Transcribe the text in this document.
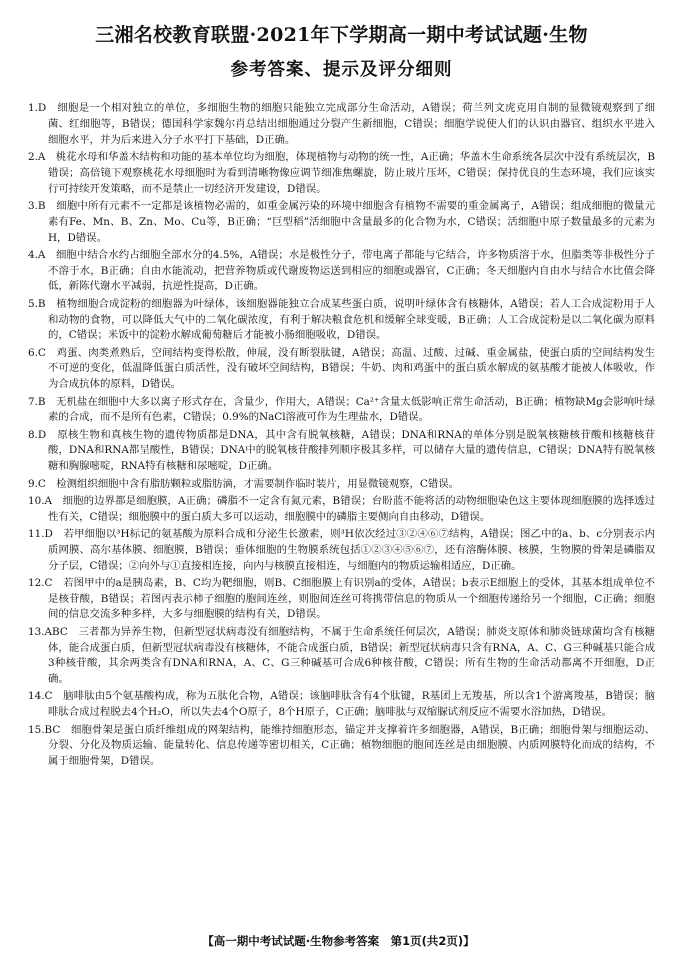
三湘名校教育联盟·2021年下学期高一期中考试试题·生物
参考答案、提示及评分细则

1.D　细胞是一个相对独立的单位，多细胞生物的细胞只能独立完成部分生命活动，A错误；荷兰列文虎克用自制的显微镜观察到了细菌、红细胞等，B错误；德国科学家魏尔肖总结出细胞通过分裂产生新细胞，C错误；细胞学说使人们的认识由器官、组织水平进入细胞水平，并为后来进入分子水平打下基础，D正确。

2.A　桃花水母和华盖木结构和功能的基本单位均为细胞，体现植物与动物的统一性，A正确；华盖木生命系统各层次中没有系统层次，B错误；高倍镜下观察桃花水母细胞时为看到清晰物像应调节细准焦螺旋，防止玻片压坏，C错误；保持优良的生态环境，我们应该实行可持续开发策略，而不是禁止一切经济开发建设，D错误。

3.B　细胞中所有元素不一定都是该植物必需的，如重金属污染的环境中细胞含有植物不需要的重金属离子，A错误；组成细胞的微量元素有Fe、Mn、B、Zn、Mo、Cu等，B正确；“巨型稻”活细胞中含量最多的化合物为水，C错误；活细胞中原子数量最多的元素为H，D错误。

4.A　细胞中结合水约占细胞全部水分的4.5%，A错误；水是极性分子，带电离子都能与它结合，许多物质溶于水，但脂类等非极性分子不溶于水，B正确；自由水能流动，把营养物质或代谢废物运送到相应的细胞或器官，C正确；冬天细胞内自由水与结合水比值会降低，新陈代谢水平减弱，抗逆性提高，D正确。

5.B　植物细胞合成淀粉的细胞器为叶绿体，该细胞器能独立合成某些蛋白质，说明叶绿体含有核糖体，A错误；若人工合成淀粉用于人和动物的食物，可以降低大气中的二氧化碳浓度，有利于解决粮食危机和缓解全球变暖，B正确；人工合成淀粉是以二氧化碳为原料的，C错误；米饭中的淀粉水解成葡萄糖后才能被小肠细胞吸收，D错误。

6.C　鸡蛋、肉类煮熟后，空间结构变得松散，伸展，没有断裂肽键，A错误；高温、过酸、过碱、重金属盐，使蛋白质的空间结构发生不可逆的变化，低温降低蛋白质活性，没有破坏空间结构，B错误；牛奶、肉和鸡蛋中的蛋白质水解成的氨基酸才能被人体吸收，作为合成抗体的原料，D错误。

7.B　无机盐在细胞中大多以离子形式存在，含量少，作用大，A错误；Ca²⁺含量太低影响正常生命活动，B正确；植物缺Mg会影响叶绿素的合成，而不是所有色素，C错误；0.9%的NaCl溶液可作为生理盐水，D错误。

8.D　原核生物和真核生物的遗传物质都是DNA，其中含有脱氧核糖，A错误；DNA和RNA的单体分别是脱氧核糖核苷酸和核糖核苷酸，DNA和RNA都呈酸性，B错误；DNA中的脱氧核苷酸排列顺序极其多样，可以储存大量的遗传信息，C错误；DNA特有脱氧核糖和胸腺嘧啶，RNA特有核糖和尿嘧啶，D正确。

9.C　检测组织细胞中含有脂肪颗粒或脂肪滴，才需要制作临时装片，用显微镜观察，C错误。

10.A　细胞的边界都是细胞膜，A正确；磷脂不一定含有氮元素，B错误；台盼蓝不能将活的动物细胞染色这主要体现细胞膜的选择透过性有关，C错误；细胞膜中的蛋白质大多可以运动，细胞膜中的磷脂主要侧向自由移动，D错误。

11.D　若甲细胞以³H标记的氨基酸为原料合成和分泌生长激素，则³H依次经过③②④⑥⑦结构，A错误；图乙中的a、b、c分别表示内质网膜、高尔基体膜、细胞膜，B错误；垂体细胞的生物膜系统包括①②③④⑤⑥⑦，还有溶酶体膜、核膜，生物膜的骨架是磷脂双分子层，C错误；②向外与①直接相连接，向内与核膜直接相连，与细胞内的物质运输相适应，D正确。

12.C　若图甲中的a是胰岛素，B、C均为靶细胞，则B、C细胞膜上有识别a的受体，A错误；b表示E细胞上的受体，其基本组成单位不是核苷酸，B错误；若图丙表示柿子细胞的胞间连丝，则胞间连丝可将携带信息的物质从一个细胞传递给另一个细胞，C正确；细胞间的信息交流多种多样，大多与细胞膜的结构有关，D错误。

13.ABC　三者都为异养生物，但新型冠状病毒没有细胞结构，不属于生命系统任何层次，A错误；肺炎支原体和肺炎链球菌均含有核糖体，能合成蛋白质，但新型冠状病毒没有核糖体，不能合成蛋白质，B错误；新型冠状病毒只含有RNA，A、C、G三种碱基只能合成3种核苷酸，其余两类含有DNA和RNA，A、C、G三种碱基可合成6种核苷酸，C错误；所有生物的生命活动都离不开细胞，D正确。

14.C　脑啡肽由5个氨基酸构成，称为五肽化合物，A错误；该脑啡肽含有4个肽键，R基团上无羧基，所以含1个游离羧基，B错误；脑啡肽合成过程脱去4个H₂O，所以失去4个O原子，8个H原子，C正确；脑啡肽与双缩脲试剂反应不需要水浴加热，D错误。

15.BC　细胞骨架是蛋白质纤维组成的网架结构，能维持细胞形态，锚定并支撑着许多细胞器，A错误，B正确；细胞骨架与细胞运动、分裂、分化及物质运输、能量转化、信息传递等密切相关，C正确；植物细胞的胞间连丝是由细胞膜、内质网膜特化而成的结构，不属于细胞骨架，D错误。

【高一期中考试试题·生物参考答案　第1页(共2页)】
